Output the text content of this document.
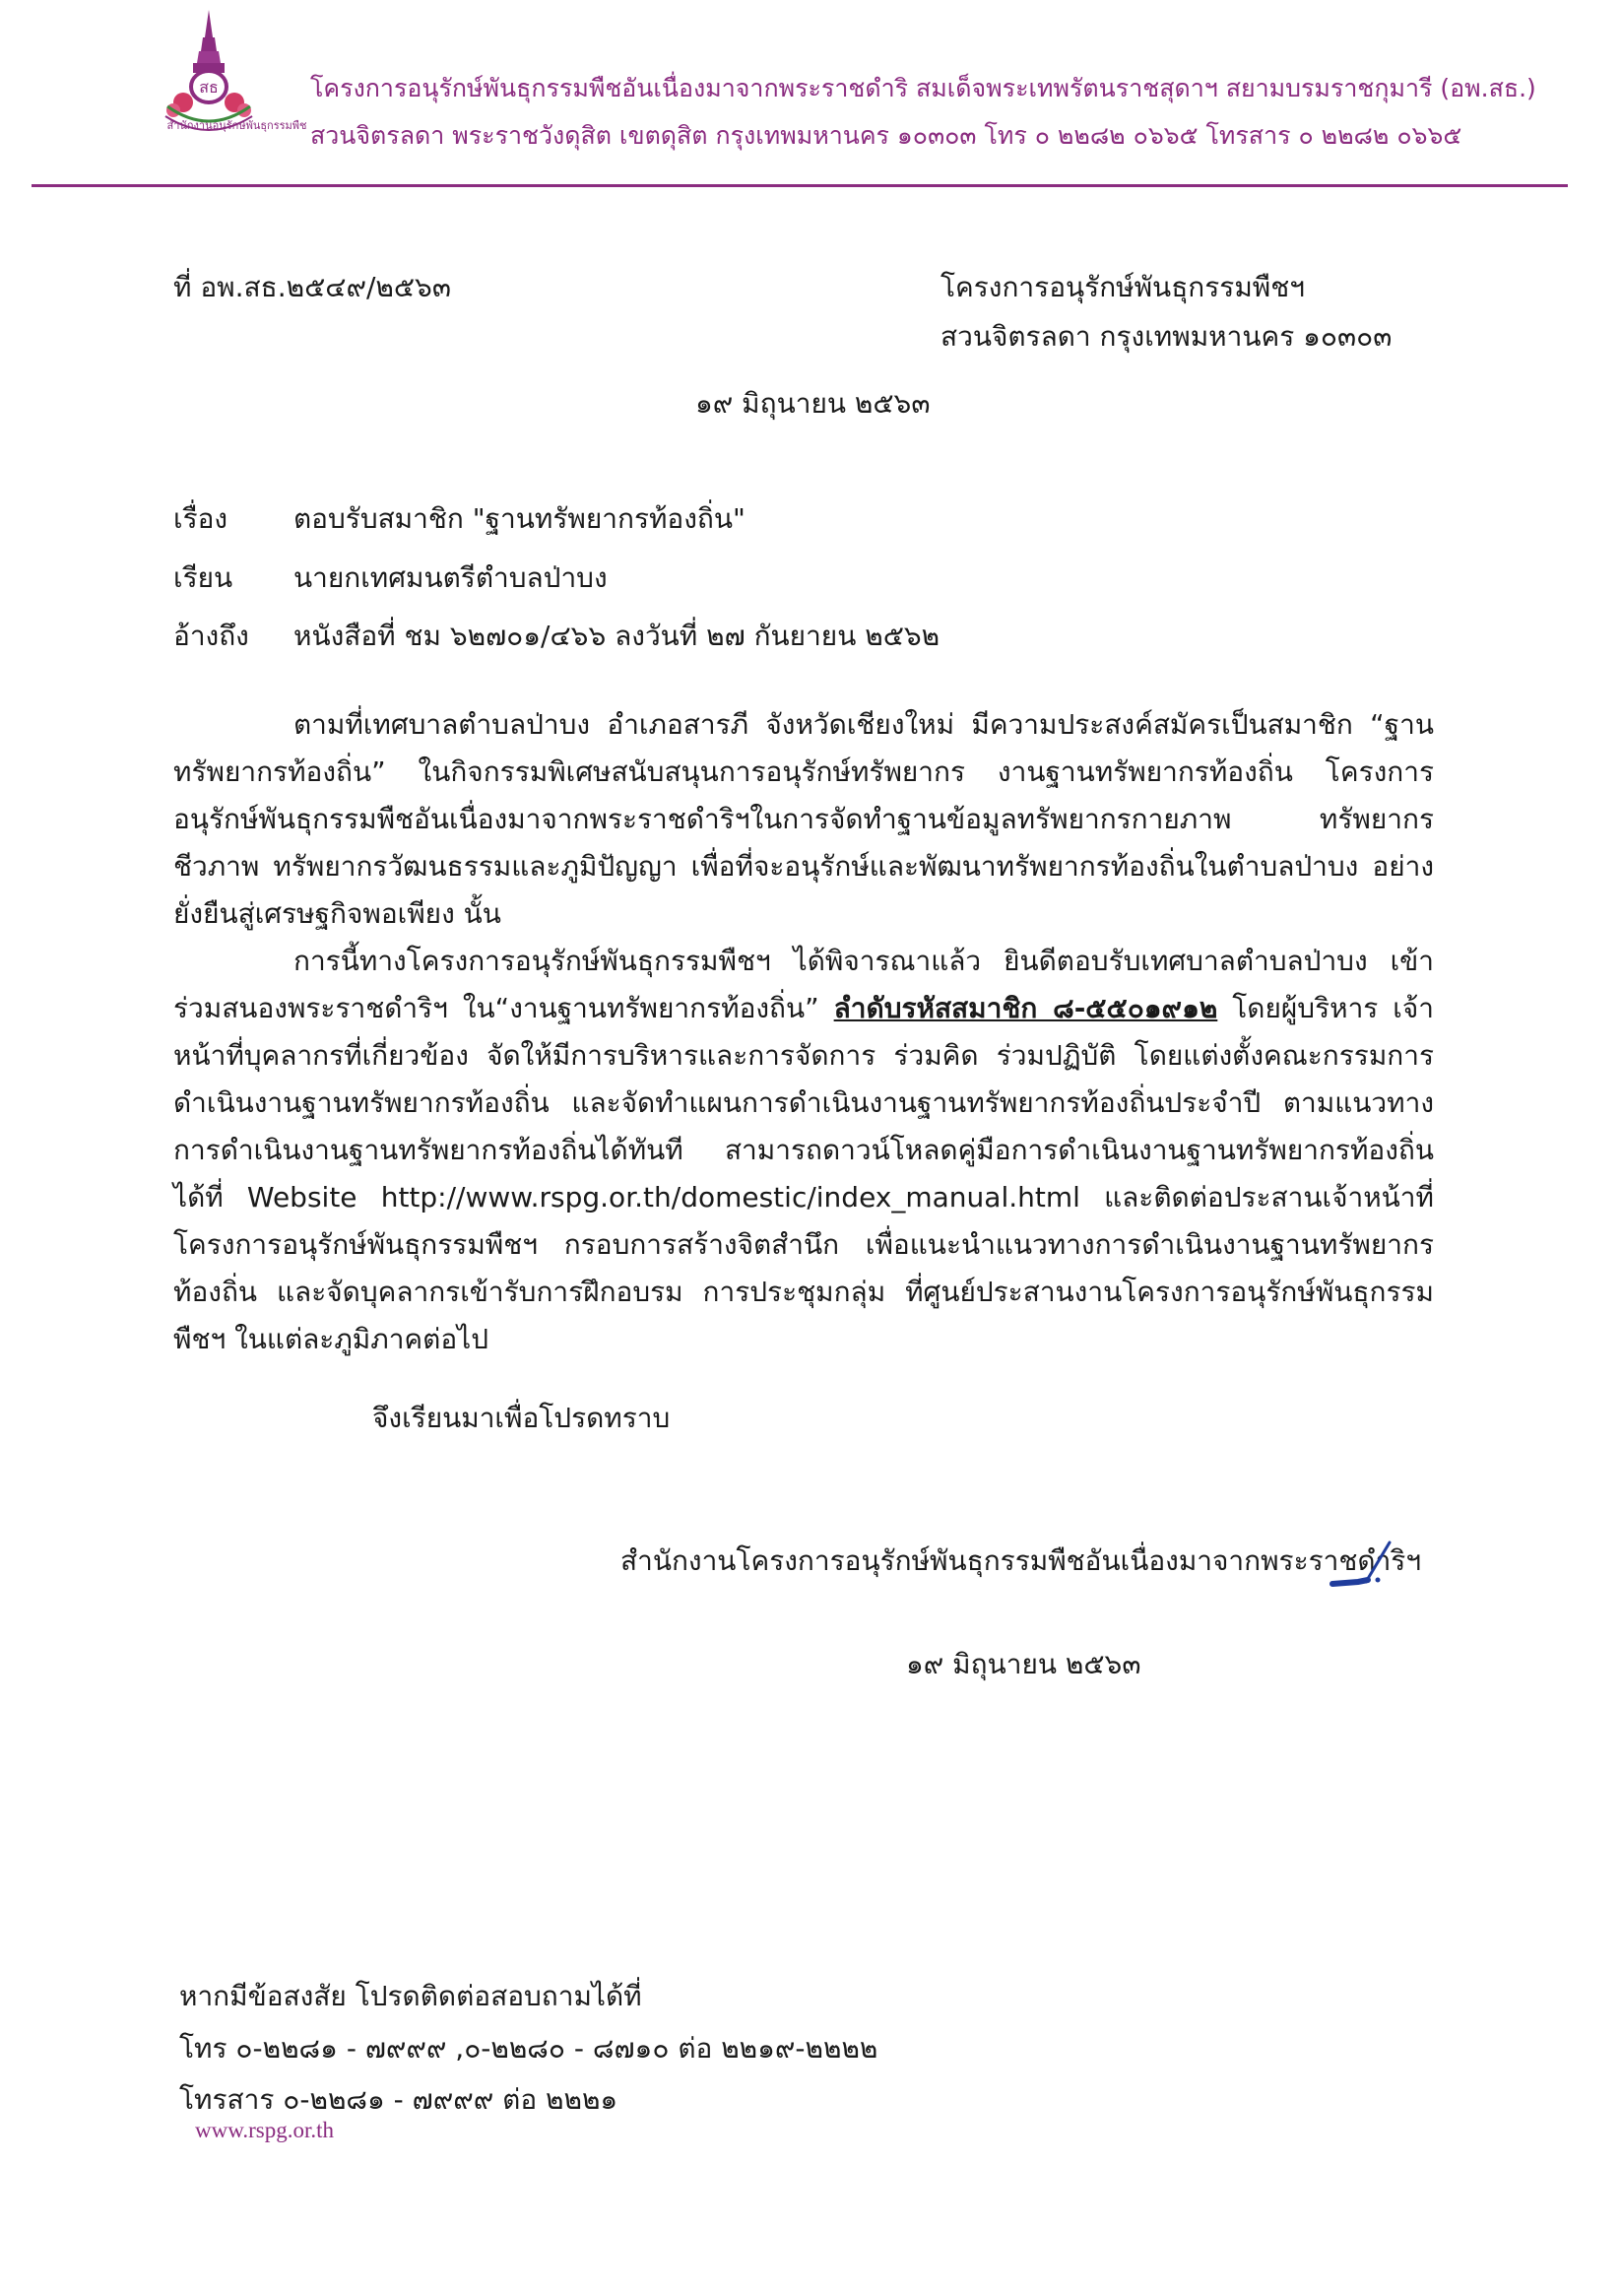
สธ
สำนักงานอนุรักษ์พันธุกรรมพืช
โครงการอนุรักษ์พันธุกรรมพืชอันเนื่องมาจากพระราชดำริ สมเด็จพระเทพรัตนราชสุดาฯ สยามบรมราชกุมารี (อพ.สธ.)
สวนจิตรลดา พระราชวังดุสิต เขตดุสิต กรุงเทพมหานคร ๑๐๓๐๓ โทร ๐ ๒๒๘๒ ๐๖๖๕ โทรสาร ๐ ๒๒๘๒ ๐๖๖๕
ที่ อพ.สธ.๒๕๔๙/๒๕๖๓	โครงการอนุรักษ์พันธุกรรมพืชฯ
สวนจิตรลดา กรุงเทพมหานคร ๑๐๓๐๓
๑๙ มิถุนายน ๒๕๖๓
เรื่อง ตอบรับสมาชิก "ฐานทรัพยากรท้องถิ่น"
เรียน นายกเทศมนตรีตำบลป่าบง
อ้างถึง หนังสือที่ ชม ๖๒๗๐๑/๔๖๖ ลงวันที่ ๒๗ กันยายน ๒๕๖๒

ตามที่เทศบาลตำบลป่าบง อำเภอสารภี จังหวัดเชียงใหม่ มีความประสงค์สมัครเป็นสมาชิก “ฐานทรัพยากรท้องถิ่น” ในกิจกรรมพิเศษสนับสนุนการอนุรักษ์ทรัพยากร งานฐานทรัพยากรท้องถิ่น โครงการอนุรักษ์พันธุกรรมพืชอันเนื่องมาจากพระราชดำริฯในการจัดทำฐานข้อมูลทรัพยากรกายภาพ ทรัพยากรชีวภาพ ทรัพยากรวัฒนธรรมและภูมิปัญญา เพื่อที่จะอนุรักษ์และพัฒนาทรัพยากรท้องถิ่นในตำบลป่าบง อย่างยั่งยืนสู่เศรษฐกิจพอเพียง นั้น

การนี้ทางโครงการอนุรักษ์พันธุกรรมพืชฯ ได้พิจารณาแล้ว ยินดีตอบรับเทศบาลตำบลป่าบง เข้าร่วมสนองพระราชดำริฯ ใน“งานฐานทรัพยากรท้องถิ่น” ลำดับรหัสสมาชิก ๘-๕๕๐๑๙๑๒ โดยผู้บริหาร เจ้าหน้าที่บุคลากรที่เกี่ยวข้อง จัดให้มีการบริหารและการจัดการ ร่วมคิด ร่วมปฏิบัติ โดยแต่งตั้งคณะกรรมการดำเนินงานฐานทรัพยากรท้องถิ่น และจัดทำแผนการดำเนินงานฐานทรัพยากรท้องถิ่นประจำปี ตามแนวทางการดำเนินงานฐานทรัพยากรท้องถิ่นได้ทันที สามารถดาวน์โหลดคู่มือการดำเนินงานฐานทรัพยากรท้องถิ่นได้ที่ Website http://www.rspg.or.th/domestic/index_manual.html และติดต่อประสานเจ้าหน้าที่โครงการอนุรักษ์พันธุกรรมพืชฯ กรอบการสร้างจิตสำนึก เพื่อแนะนำแนวทางการดำเนินงานฐานทรัพยากรท้องถิ่น และจัดบุคลากรเข้ารับการฝึกอบรม การประชุมกลุ่ม ที่ศูนย์ประสานงานโครงการอนุรักษ์พันธุกรรมพืชฯ ในแต่ละภูมิภาคต่อไป

จึงเรียนมาเพื่อโปรดทราบ
สำนักงานโครงการอนุรักษ์พันธุกรรมพืชอันเนื่องมาจากพระราชดำริฯ
๑๙ มิถุนายน ๒๕๖๓
หากมีข้อสงสัย โปรดติดต่อสอบถามได้ที่
โทร ๐-๒๒๘๑ - ๗๙๙๙ ,๐-๒๒๘๐ - ๘๗๑๐ ต่อ ๒๒๑๙-๒๒๒๒
โทรสาร ๐-๒๒๘๑ - ๗๙๙๙ ต่อ ๒๒๒๑
www.rspg.or.th
